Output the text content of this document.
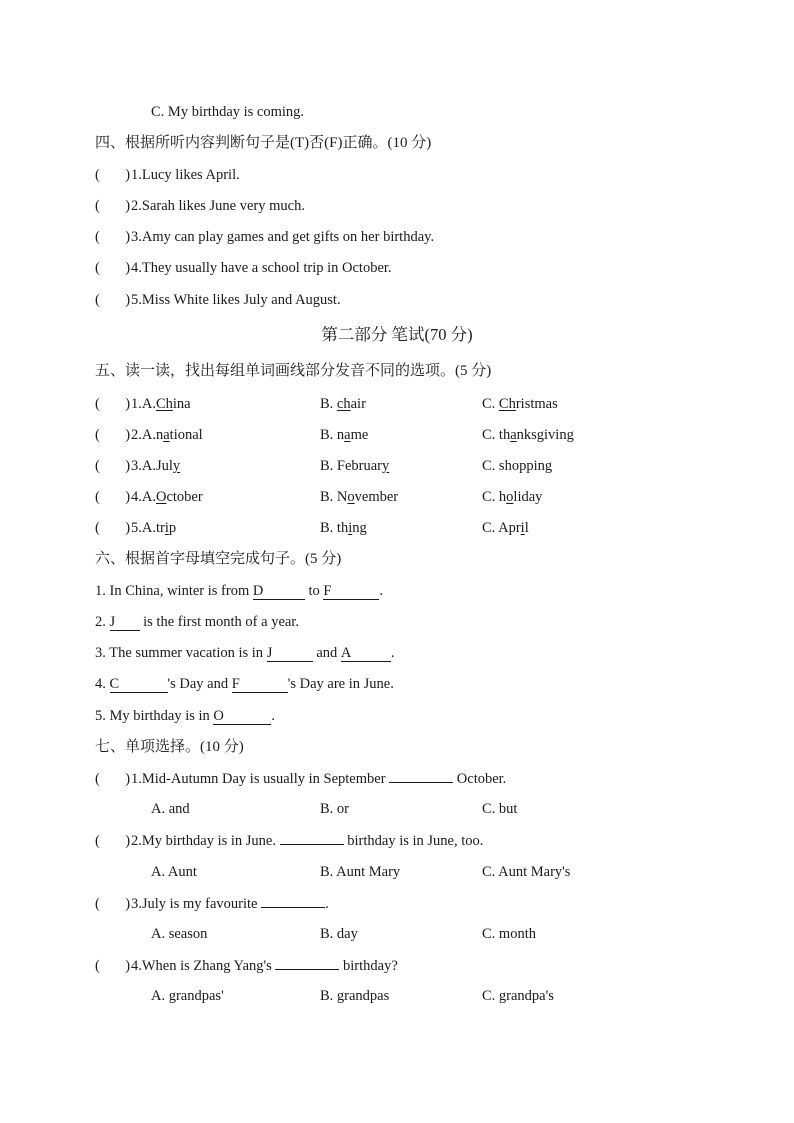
C. My birthday is coming.
四、根据所听内容判断句子是(T)否(F)正确。(10 分)
(       )1.Lucy likes April.
(       )2.Sarah likes June very much.
(       )3.Amy can play games and get gifts on her birthday.
(       )4.They usually have a school trip in October.
(       )5.Miss White likes July and August.
第二部分 笔试(70 分)
五、读一读，找出每组单词画线部分发音不同的选项。(5 分)
(       )1.A.China	B. chair	C. Christmas
(       )2.A.national	B. name	C. thanksgiving
(       )3.A.July	B. February	C. shopping
(       )4.A.October	B. November	C. holiday
(       )5.A.trip	B. thing	C. April
六、根据首字母填空完成句子。(5 分)
1. In China, winter is from D	to F	.
2. J is the first month of a year.
3. The summer vacation is in J	and A	.
4. C	's Day and F	's Day are in June.
5. My birthday is in O	.
七、单项选择。(10 分)
(       )1.Mid-Autumn Day is usually in September	October.
A. and	B. or	C. but
(       )2.My birthday is in June.	birthday is in June, too.
A. Aunt	B. Aunt Mary	C. Aunt Mary's
(       )3.July is my favourite	.
A. season	B. day	C. month
(       )4.When is Zhang Yang's	birthday?
A. grandpas'	B. grandpas	C. grandpa's
